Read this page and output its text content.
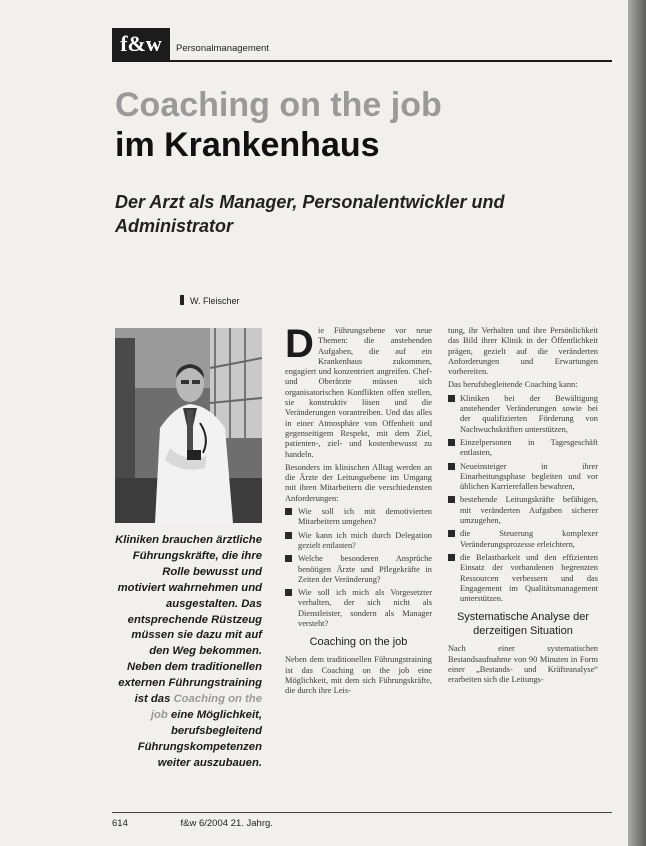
f&w	Personalmanagement
Coaching on the job
im Krankenhaus
Der Arzt als Manager, Personalentwickler und Administrator
W. Fleischer
Kliniken brauchen ärztliche Führungskräfte, die ihre Rolle bewusst und motiviert wahrnehmen und ausgestalten. Das entsprechende Rüstzeug müssen sie dazu mit auf den Weg bekommen. Neben dem traditionellen externen Führungstraining ist das Coaching on the job eine Möglichkeit, berufsbegleitend Führungskompetenzen weiter auszubauen.

Die Führungsebene vor neue Themen: die anstehenden Aufgaben, die auf ein Krankenhaus zukommen, engagiert und konzentriert angreifen. Chef- und Oberärzte müssen sich organisatorischen Konflikten offen stellen, sie konstruktiv lösen und die Veränderungen vorantreiben. Und das alles in einer Atmosphäre von Offenheit und gegenseitigem Respekt, mit dem Ziel, patienten-, ziel- und kostenbewusst zu handeln.

Besonders im klinischen Alltag werden an die Ärzte der Leitungsebene im Umgang mit ihren Mitarbeitern die verschiedensten Anforderungen:

Wie soll ich mit demotivierten Mitarbeitern umgehen?
Wie kann ich mich durch Delegation gezielt entlasten?
Welche besonderen Ansprüche benötigen Ärzte und Pflegekräfte in Zeiten der Veränderung?
Wie soll ich mich als Vorgesetzter verhalten, der sich nicht als Dienstleister, sondern als Manager versteht?
Coaching on the job

Neben dem traditionellen Führungstraining ist das Coaching on the job eine Möglichkeit, mit dem sich Führungskräfte, die durch ihre Leis-

tung, ihr Verhalten und ihre Persönlichkeit das Bild ihrer Klinik in der Öffentlichkeit prägen, gezielt auf die veränderten Anforderungen und Erwartungen vorbereiten.

Das berufsbegleitende Coaching kann:

Kliniken bei der Bewältigung anstehender Veränderungen sowie bei der qualifizierten Förderung von Nachwuchskräften unterstützen,
Einzelpersonen in Tagesgeschäft entlasten,
Neueinsteiger in ihrer Einarbeitungsphase begleiten und vor üblichen Karrierefallen bewahren,
bestehende Leitungskräfte befähigen, mit veränderten Aufgaben sicherer umzugehen,
die Steuerung komplexer Veränderungsprozesse erleichtern,
die Belastbarkeit und den effizienten Einsatz der vorhandenen begrenzten Ressourcen verbessern und das Engagement im Qualitätsmanagement unterstützen.
Systematische Analyse der derzeitigen Situation

Nach einer systematischen Bestandsaufnahme von 90 Minuten in Form einer „Bestands- und Kräfteanalyse“ erarbeiten sich die Leitungs-

614	f&w 6/2004 21. Jahrg.
